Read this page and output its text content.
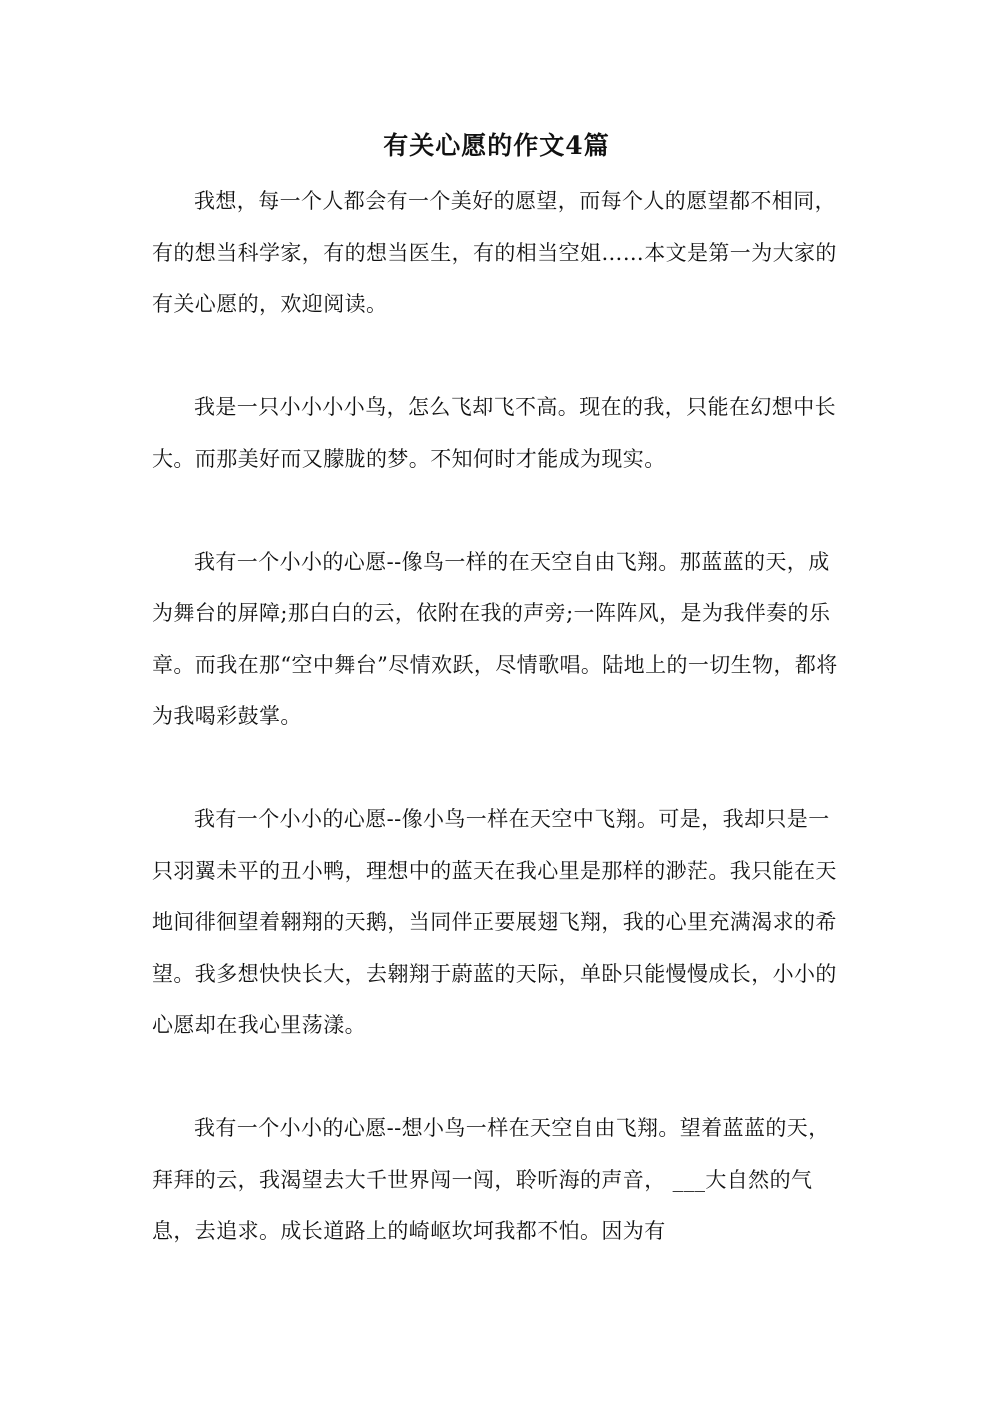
有关心愿的作文4篇

我想，每一个人都会有一个美好的愿望，而每个人的愿望都不相同，有的想当科学家，有的想当医生，有的相当空姐……本文是第一为大家的有关心愿的，欢迎阅读。

我是一只小小小小鸟，怎么飞却飞不高。现在的我，只能在幻想中长大。而那美好而又朦胧的梦。不知何时才能成为现实。

我有一个小小的心愿--像鸟一样的在天空自由飞翔。那蓝蓝的天，成为舞台的屏障;那白白的云，依附在我的声旁;一阵阵风，是为我伴奏的乐章。而我在那“空中舞台”尽情欢跃，尽情歌唱。陆地上的一切生物，都将为我喝彩鼓掌。

我有一个小小的心愿--像小鸟一样在天空中飞翔。可是，我却只是一只羽翼未平的丑小鸭，理想中的蓝天在我心里是那样的渺茫。我只能在天地间徘徊望着翱翔的天鹅，当同伴正要展翅飞翔，我的心里充满渴求的希望。我多想快快长大，去翱翔于蔚蓝的天际，单卧只能慢慢成长，小小的心愿却在我心里荡漾。

我有一个小小的心愿--想小鸟一样在天空自由飞翔。望着蓝蓝的天，拜拜的云，我渴望去大千世界闯一闯，聆听海的声音， ___大自然的气息，去追求。成长道路上的崎岖坎坷我都不怕。因为有
